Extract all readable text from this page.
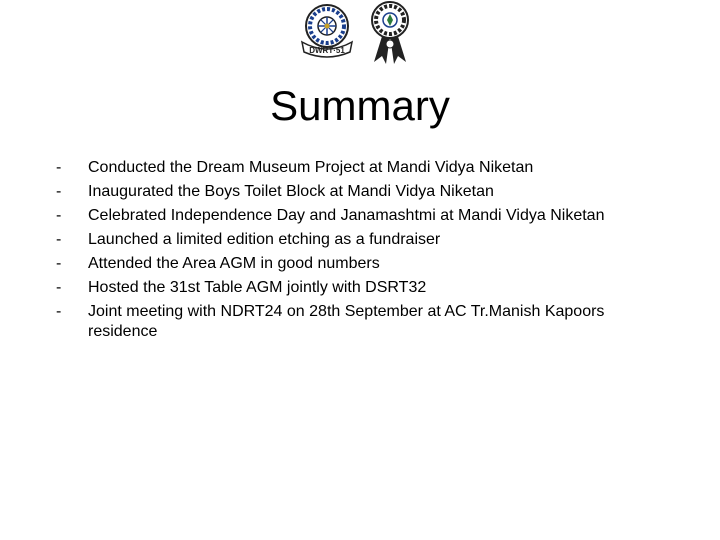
DWRT·51
Summary
- Conducted the Dream Museum Project at Mandi Vidya Niketan
- Inaugurated the Boys Toilet Block at Mandi Vidya Niketan
- Celebrated Independence Day and Janamashtmi at Mandi Vidya Niketan
- Launched a limited edition etching as a fundraiser
- Attended the Area AGM in good numbers
- Hosted the 31st Table AGM jointly with DSRT32
- Joint meeting with NDRT24 on 28th September at AC Tr.Manish Kapoors residence
